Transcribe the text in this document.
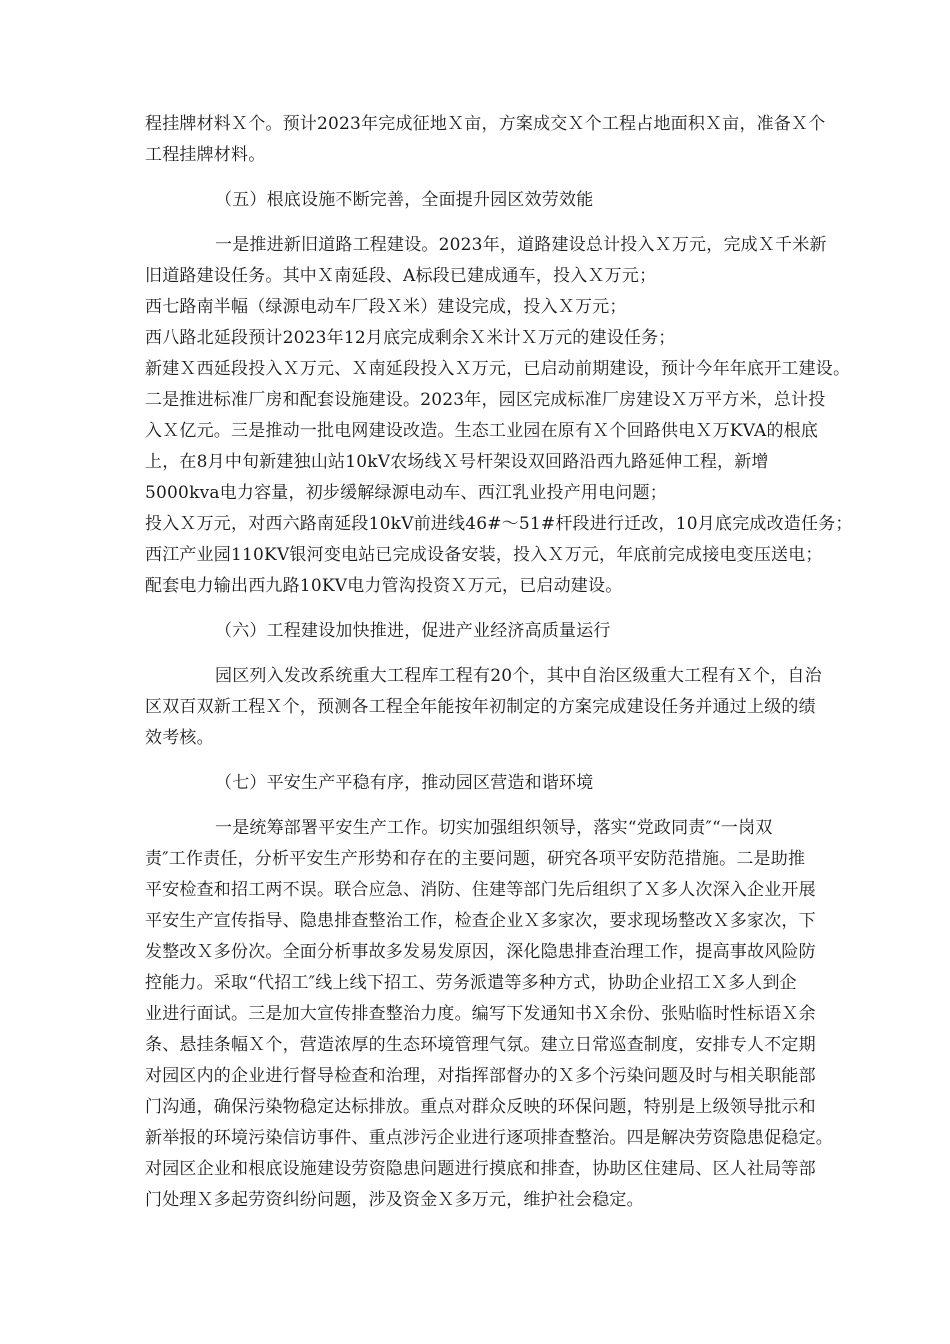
程挂牌材料Ｘ个。预计2023年完成征地Ｘ亩，方案成交Ｘ个工程占地面积Ｘ亩，准备Ｘ个
工程挂牌材料。
（五）根底设施不断完善，全面提升园区效劳效能
一是推进新旧道路工程建设。2023年，道路建设总计投入Ｘ万元，完成Ｘ千米新
旧道路建设任务。其中Ｘ南延段、A标段已建成通车，投入Ｘ万元；
西七路南半幅（绿源电动车厂段Ｘ米）建设完成，投入Ｘ万元；
西八路北延段预计2023年12月底完成剩余Ｘ米计Ｘ万元的建设任务；
新建Ｘ西延段投入Ｘ万元、Ｘ南延段投入Ｘ万元，已启动前期建设，预计今年年底开工建设。
二是推进标准厂房和配套设施建设。2023年，园区完成标准厂房建设Ｘ万平方米，总计投
入Ｘ亿元。三是推动一批电网建设改造。生态工业园在原有Ｘ个回路供电Ｘ万KVA的根底
上，在8月中旬新建独山站10kV农场线Ｘ号杆架设双回路沿西九路延伸工程，新增
5000kva电力容量，初步缓解绿源电动车、西江乳业投产用电问题；
投入Ｘ万元，对西六路南延段10kV前进线46#～51#杆段进行迁改，10月底完成改造任务；
西江产业园110KV银河变电站已完成设备安装，投入Ｘ万元，年底前完成接电变压送电；
配套电力输出西九路10KV电力管沟投资Ｘ万元，已启动建设。
（六）工程建设加快推进，促进产业经济高质量运行
园区列入发改系统重大工程库工程有20个，其中自治区级重大工程有Ｘ个，自治
区双百双新工程Ｘ个，预测各工程全年能按年初制定的方案完成建设任务并通过上级的绩
效考核。
（七）平安生产平稳有序，推动园区营造和谐环境
一是统筹部署平安生产工作。切实加强组织领导，落实“党政同责″“一岗双
责″工作责任，分析平安生产形势和存在的主要问题，研究各项平安防范措施。二是助推
平安检查和招工两不误。联合应急、消防、住建等部门先后组织了Ｘ多人次深入企业开展
平安生产宣传指导、隐患排查整治工作，检查企业Ｘ多家次，要求现场整改Ｘ多家次，下
发整改Ｘ多份次。全面分析事故多发易发原因，深化隐患排查治理工作，提高事故风险防
控能力。采取“代招工″线上线下招工、劳务派遣等多种方式，协助企业招工Ｘ多人到企
业进行面试。三是加大宣传排查整治力度。编写下发通知书Ｘ余份、张贴临时性标语Ｘ余
条、悬挂条幅Ｘ个，营造浓厚的生态环境管理气氛。建立日常巡查制度，安排专人不定期
对园区内的企业进行督导检查和治理，对指挥部督办的Ｘ多个污染问题及时与相关职能部
门沟通，确保污染物稳定达标排放。重点对群众反映的环保问题，特别是上级领导批示和
新举报的环境污染信访事件、重点涉污企业进行逐项排查整治。四是解决劳资隐患促稳定。
对园区企业和根底设施建设劳资隐患问题进行摸底和排查，协助区住建局、区人社局等部
门处理Ｘ多起劳资纠纷问题，涉及资金Ｘ多万元，维护社会稳定。
